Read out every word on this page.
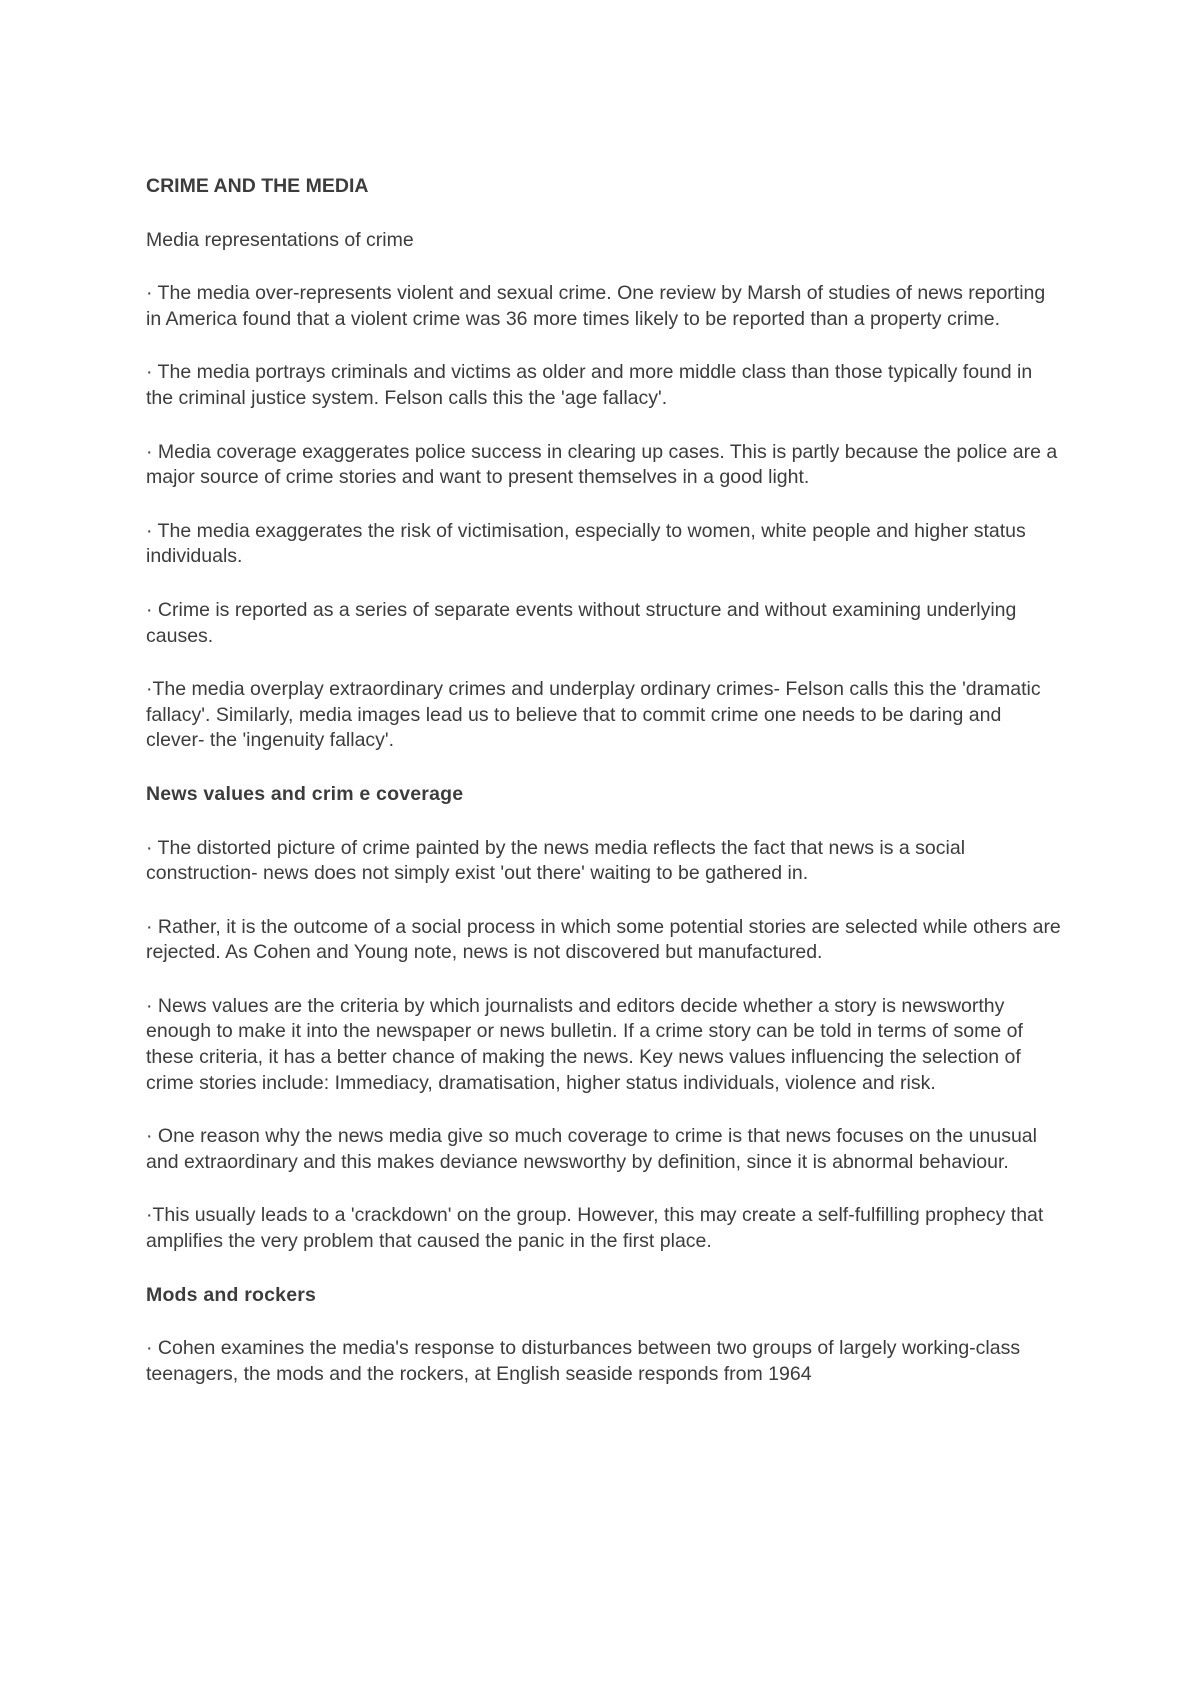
CRIME AND THE MEDIA

Media representations of crime

· The media over-represents violent and sexual crime. One review by Marsh of studies of news reporting in America found that a violent crime was 36 more times likely to be reported than a property crime.

· The media portrays criminals and victims as older and more middle class than those typically found in the criminal justice system. Felson calls this the 'age fallacy'.

· Media coverage exaggerates police success in clearing up cases. This is partly because the police are a major source of crime stories and want to present themselves in a good light.

· The media exaggerates the risk of victimisation, especially to women, white people and higher status individuals.

· Crime is reported as a series of separate events without structure and without examining underlying causes.

·The media overplay extraordinary crimes and underplay ordinary crimes- Felson calls this the 'dramatic fallacy'. Similarly, media images lead us to believe that to commit crime one needs to be daring and clever- the 'ingenuity fallacy'.

News values and crim e coverage

· The distorted picture of crime painted by the news media reflects the fact that news is a social construction- news does not simply exist 'out there' waiting to be gathered in.

· Rather, it is the outcome of a social process in which some potential stories are selected while others are rejected. As Cohen and Young note, news is not discovered but manufactured.

· News values are the criteria by which journalists and editors decide whether a story is newsworthy enough to make it into the newspaper or news bulletin. If a crime story can be told in terms of some of these criteria, it has a better chance of making the news. Key news values influencing the selection of crime stories include: Immediacy, dramatisation, higher status individuals, violence and risk.

· One reason why the news media give so much coverage to crime is that news focuses on the unusual and extraordinary and this makes deviance newsworthy by definition, since it is abnormal behaviour.

·This usually leads to a 'crackdown' on the group. However, this may create a self-fulfilling prophecy that amplifies the very problem that caused the panic in the first place.

Mods and rockers

· Cohen examines the media's response to disturbances between two groups of largely working-class teenagers, the mods and the rockers, at English seaside responds from 1964
